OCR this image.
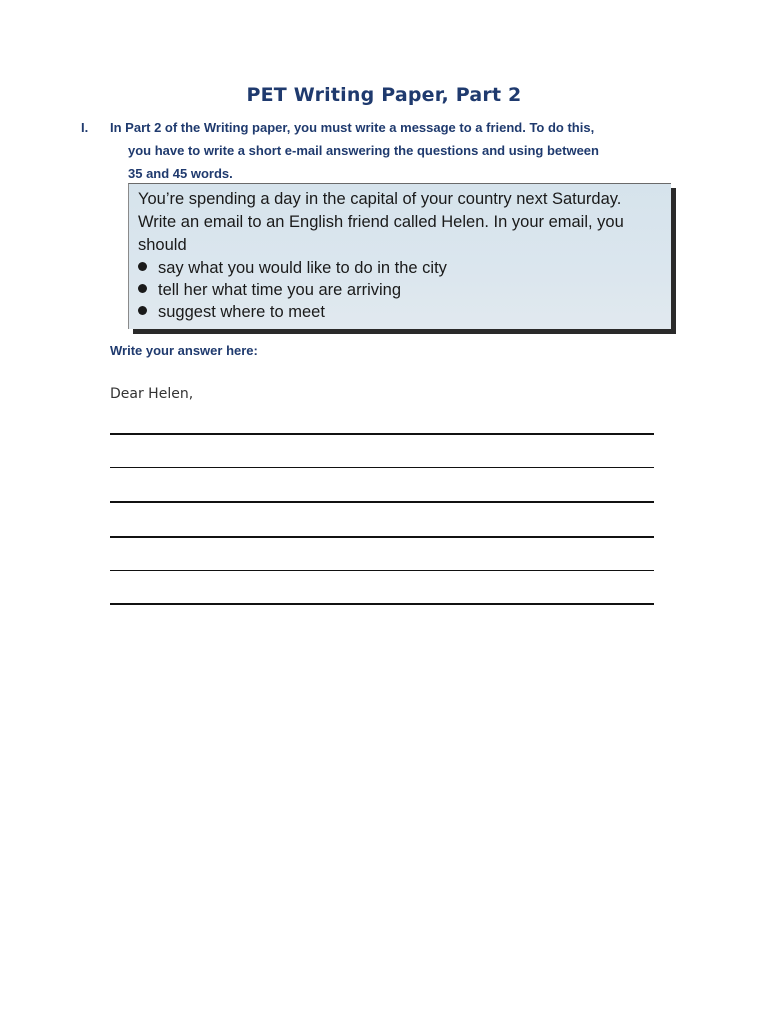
PET Writing Paper, Part 2
I. In Part 2 of the Writing paper, you must write a message to a friend. To do this,
you have to write a short e-mail answering the questions and using between
35 and 45 words.
You’re spending a day in the capital of your country next Saturday.
Write an email to an English friend called Helen. In your email, you
should
say what you would like to do in the city
tell her what time you are arriving
suggest where to meet
Write your answer here:
Dear Helen,
